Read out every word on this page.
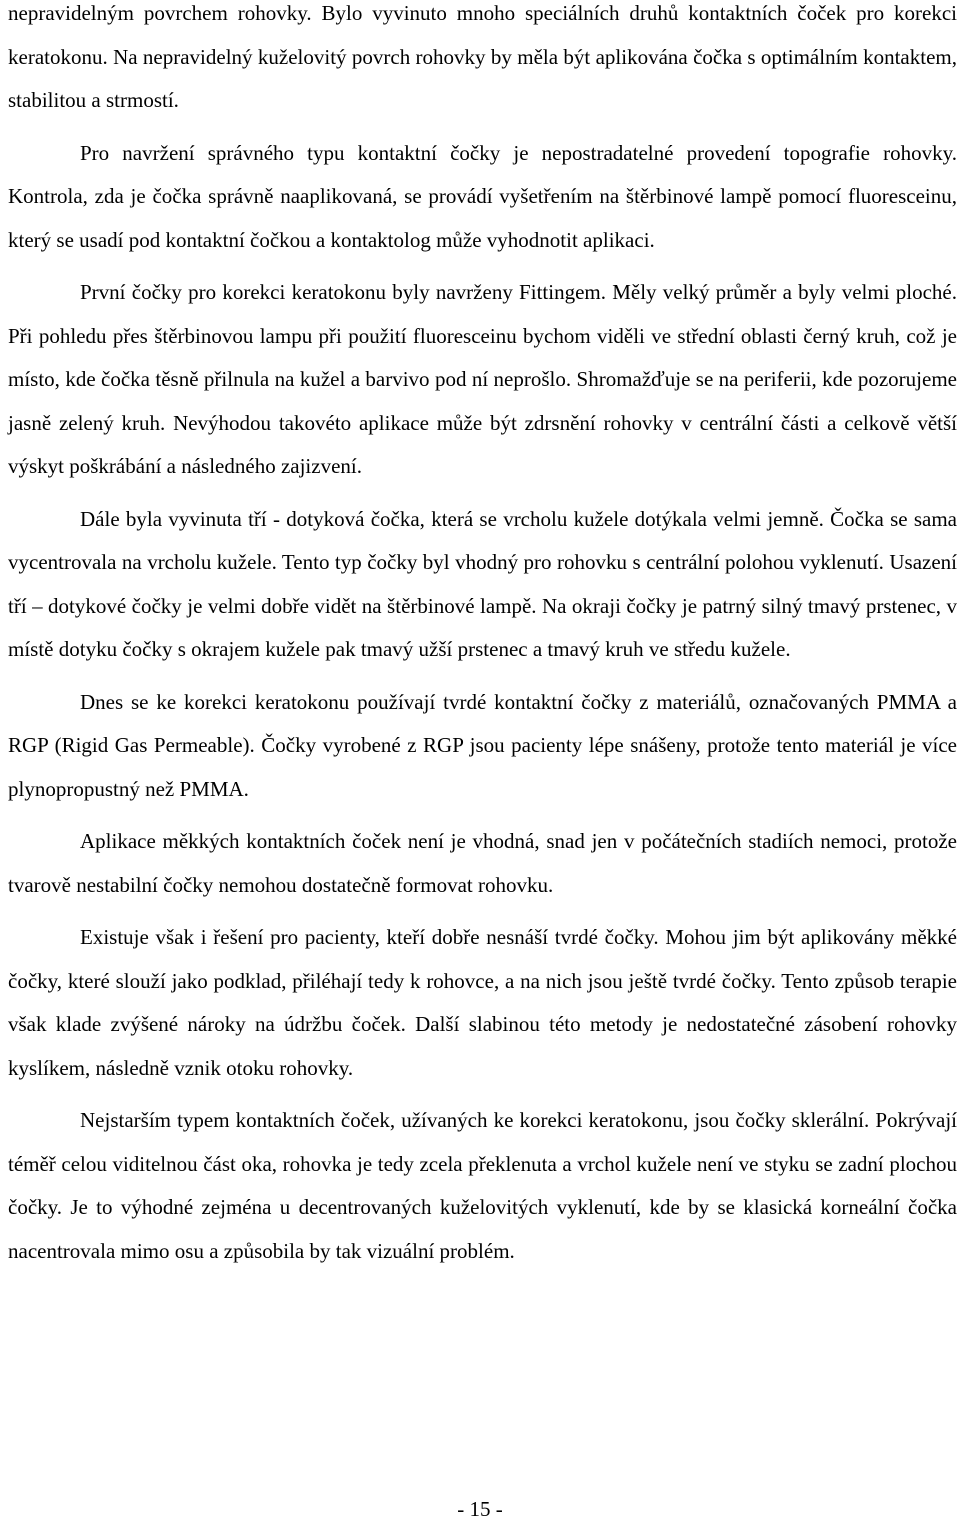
nepravidelným povrchem rohovky. Bylo vyvinuto mnoho speciálních druhů kontaktních čoček pro korekci keratokonu. Na nepravidelný kuželovitý povrch rohovky by měla být aplikována čočka s optimálním kontaktem, stabilitou a strmostí.

Pro navržení správného typu kontaktní čočky je nepostradatelné provedení topografie rohovky. Kontrola, zda je čočka správně naaplikovaná, se provádí vyšetřením na štěrbinové lampě pomocí fluoresceinu, který se usadí pod kontaktní čočkou a kontaktolog může vyhodnotit aplikaci.

První čočky pro korekci keratokonu byly navrženy Fittingem. Měly velký průměr a byly velmi ploché. Při pohledu přes štěrbinovou lampu při použití fluoresceinu bychom viděli ve střední oblasti černý kruh, což je místo, kde čočka těsně přilnula na kužel a barvivo pod ní neprošlo. Shromažďuje se na periferii, kde pozorujeme jasně zelený kruh. Nevýhodou takovéto aplikace může být zdrsnění rohovky v centrální části a celkově větší výskyt poškrábání a následného zajizvení.

Dále byla vyvinuta tří - dotyková čočka, která se vrcholu kužele dotýkala velmi jemně. Čočka se sama vycentrovala na vrcholu kužele. Tento typ čočky byl vhodný pro rohovku s centrální polohou vyklenutí. Usazení tří – dotykové čočky je velmi dobře vidět na štěrbinové lampě. Na okraji čočky je patrný silný tmavý prstenec, v místě dotyku čočky s okrajem kužele pak tmavý užší prstenec a tmavý kruh ve středu kužele.

Dnes se ke korekci keratokonu používají tvrdé kontaktní čočky z materiálů, označovaných PMMA a RGP (Rigid Gas Permeable). Čočky vyrobené z RGP jsou pacienty lépe snášeny, protože tento materiál je více plynopropustný než PMMA.

Aplikace měkkých kontaktních čoček není je vhodná, snad jen v počátečních stadiích nemoci, protože tvarově nestabilní čočky nemohou dostatečně formovat rohovku.

Existuje však i řešení pro pacienty, kteří dobře nesnáší tvrdé čočky. Mohou jim být aplikovány měkké čočky, které slouží jako podklad, přiléhají tedy k rohovce, a na nich jsou ještě tvrdé čočky. Tento způsob terapie však klade zvýšené nároky na údržbu čoček. Další slabinou této metody je nedostatečné zásobení rohovky kyslíkem, následně vznik otoku rohovky.

Nejstarším typem kontaktních čoček, užívaných ke korekci keratokonu, jsou čočky sklerální. Pokrývají téměř celou viditelnou část oka, rohovka je tedy zcela překlenuta a vrchol kužele není ve styku se zadní plochou čočky. Je to výhodné zejména u decentrovaných kuželovitých vyklenutí, kde by se klasická korneální čočka nacentrovala mimo osu a způsobila by tak vizuální problém.

- 15 -
